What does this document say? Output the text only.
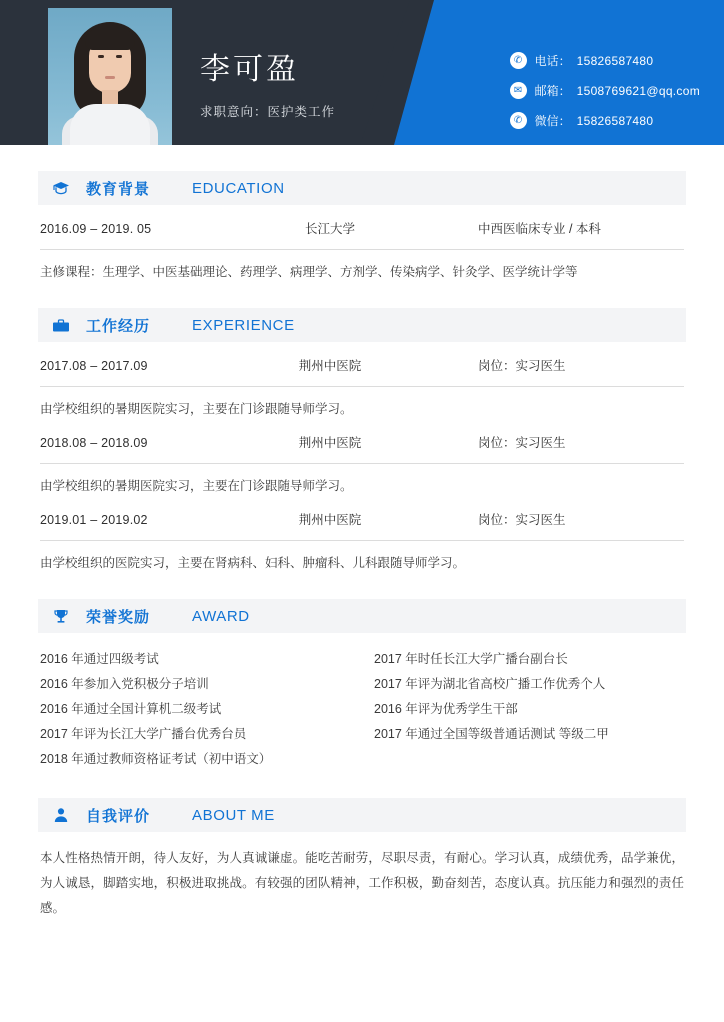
李可盈
求职意向：医护类工作
✆	电话： 15826587480
✉	邮箱： 1508769621@qq.com
✆	微信： 15826587480
教育背景	EDUCATION
2016.09 – 2019. 05	长江大学	中西医临床专业 / 本科
主修课程：生理学、中医基础理论、药理学、病理学、方剂学、传染病学、针灸学、医学统计学等
工作经历	EXPERIENCE
2017.08 – 2017.09	荆州中医院	岗位：实习医生
由学校组织的暑期医院实习，主要在门诊跟随导师学习。
2018.08 – 2018.09	荆州中医院	岗位：实习医生
由学校组织的暑期医院实习，主要在门诊跟随导师学习。
2019.01 – 2019.02	荆州中医院	岗位：实习医生
由学校组织的医院实习，主要在肾病科、妇科、肿瘤科、儿科跟随导师学习。
荣誉奖励	AWARD
2016 年通过四级考试
2016 年参加入党积极分子培训
2016 年通过全国计算机二级考试
2017 年评为长江大学广播台优秀台员
2018 年通过教师资格证考试（初中语文）
2017 年时任长江大学广播台副台长
2017 年评为湖北省高校广播工作优秀个人
2016 年评为优秀学生干部
2017 年通过全国等级普通话测试 等级二甲
自我评价	ABOUT ME
本人性格热情开朗，待人友好，为人真诚谦虚。能吃苦耐劳，尽职尽责，有耐心。学习认真，成绩优秀，品学兼优，为人诚恳，脚踏实地，积极进取挑战。有较强的团队精神，工作积极，勤奋刻苦，态度认真。抗压能力和强烈的责任感。
